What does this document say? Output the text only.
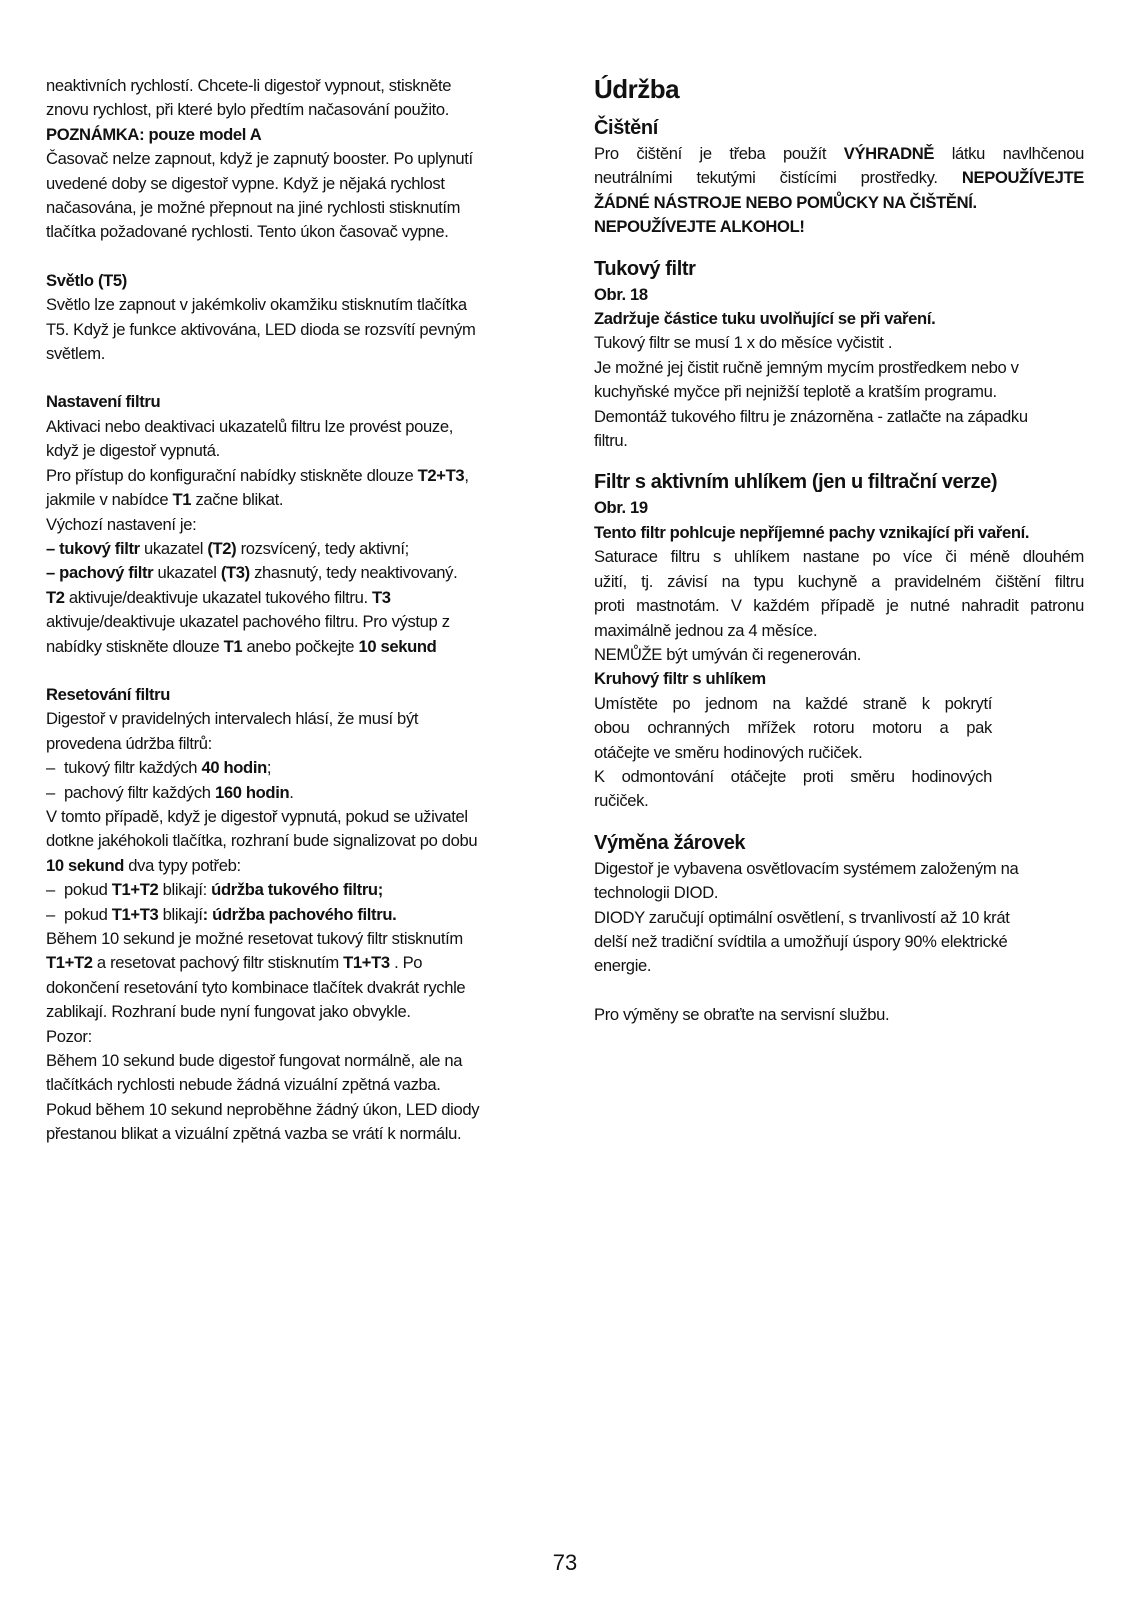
neaktivních rychlostí. Chcete-li digestoř vypnout, stiskněte

znovu rychlost, při které bylo předtím načasování použito.

POZNÁMKA: pouze model A

Časovač nelze zapnout, když je zapnutý booster. Po uplynutí

uvedené doby se digestoř vypne. Když je nějaká rychlost

načasována, je možné přepnout na jiné rychlosti stisknutím

tlačítka požadované rychlosti. Tento úkon časovač vypne.

Světlo (T5)

Světlo lze zapnout v jakémkoliv okamžiku stisknutím tlačítka

T5. Když je funkce aktivována, LED dioda se rozsvítí pevným

světlem.

Nastavení filtru

Aktivaci nebo deaktivaci ukazatelů filtru lze provést pouze,

když je digestoř vypnutá.

Pro přístup do konfigurační nabídky stiskněte dlouze T2+T3,

jakmile v nabídce T1 začne blikat.

Výchozí nastavení je:

– tukový filtr ukazatel (T2) rozsvícený, tedy aktivní;

– pachový filtr ukazatel (T3) zhasnutý, tedy neaktivovaný.

T2 aktivuje/deaktivuje ukazatel tukového filtru. T3

aktivuje/deaktivuje ukazatel pachového filtru. Pro výstup z

nabídky stiskněte dlouze T1 anebo počkejte 10 sekund

Resetování filtru

Digestoř v pravidelných intervalech hlásí, že musí být

provedena údržba filtrů:

– tukový filtr každých 40 hodin;
– pachový filtr každých 160 hodin.

V tomto případě, když je digestoř vypnutá, pokud se uživatel

dotkne jakéhokoli tlačítka, rozhraní bude signalizovat po dobu

10 sekund dva typy potřeb:

– pokud T1+T2 blikají: údržba tukového filtru;
– pokud T1+T3 blikají: údržba pachového filtru.

Během 10 sekund je možné resetovat tukový filtr stisknutím

T1+T2 a resetovat pachový filtr stisknutím T1+T3 . Po

dokončení resetování tyto kombinace tlačítek dvakrát rychle

zablikají. Rozhraní bude nyní fungovat jako obvykle.

Pozor:

Během 10 sekund bude digestoř fungovat normálně, ale na

tlačítkách rychlosti nebude žádná vizuální zpětná vazba.

Pokud během 10 sekund neproběhne žádný úkon, LED diody

přestanou blikat a vizuální zpětná vazba se vrátí k normálu.

Údržba

Čištění

Pro čištění je třeba použít VÝHRADNĚ látku navlhčenou

neutrálními tekutými čistícími prostředky. NEPOUŽÍVEJTE

ŽÁDNÉ NÁSTROJE NEBO POMŮCKY NA ČIŠTĚNÍ.

NEPOUŽÍVEJTE ALKOHOL!

Tukový filtr

Obr. 18

Zadržuje částice tuku uvolňující se při vaření.

Tukový filtr se musí 1 x do měsíce vyčistit .

Je možné jej čistit ručně jemným mycím prostředkem nebo v

kuchyňské myčce při nejnižší teplotě a kratším programu.

Demontáž tukového filtru je znázorněna - zatlačte na západku

filtru.

Filtr s aktivním uhlíkem (jen u filtrační verze)

Obr. 19

Tento filtr pohlcuje nepříjemné pachy vznikající při vaření.

Saturace filtru s uhlíkem nastane po více či méně dlouhém

užití, tj. závisí na typu kuchyně a pravidelném čištění filtru

proti mastnotám. V každém případě je nutné nahradit patronu

maximálně jednou za 4 měsíce.

NEMŮŽE být umýván či regenerován.

Kruhový filtr s uhlíkem

Umístěte po jednom na každé straně k pokrytí

obou ochranných mřížek rotoru motoru a pak

otáčejte ve směru hodinových ručiček.

K odmontování otáčejte proti směru hodinových

ručiček.

Výměna žárovek

Digestoř je vybavena osvětlovacím systémem založeným na

technologii DIOD.

DIODY zaručují optimální osvětlení, s trvanlivostí až 10 krát

delší než tradiční svídtila a umožňují úspory 90% elektrické

energie.

Pro výměny se obraťte na servisní službu.

73
